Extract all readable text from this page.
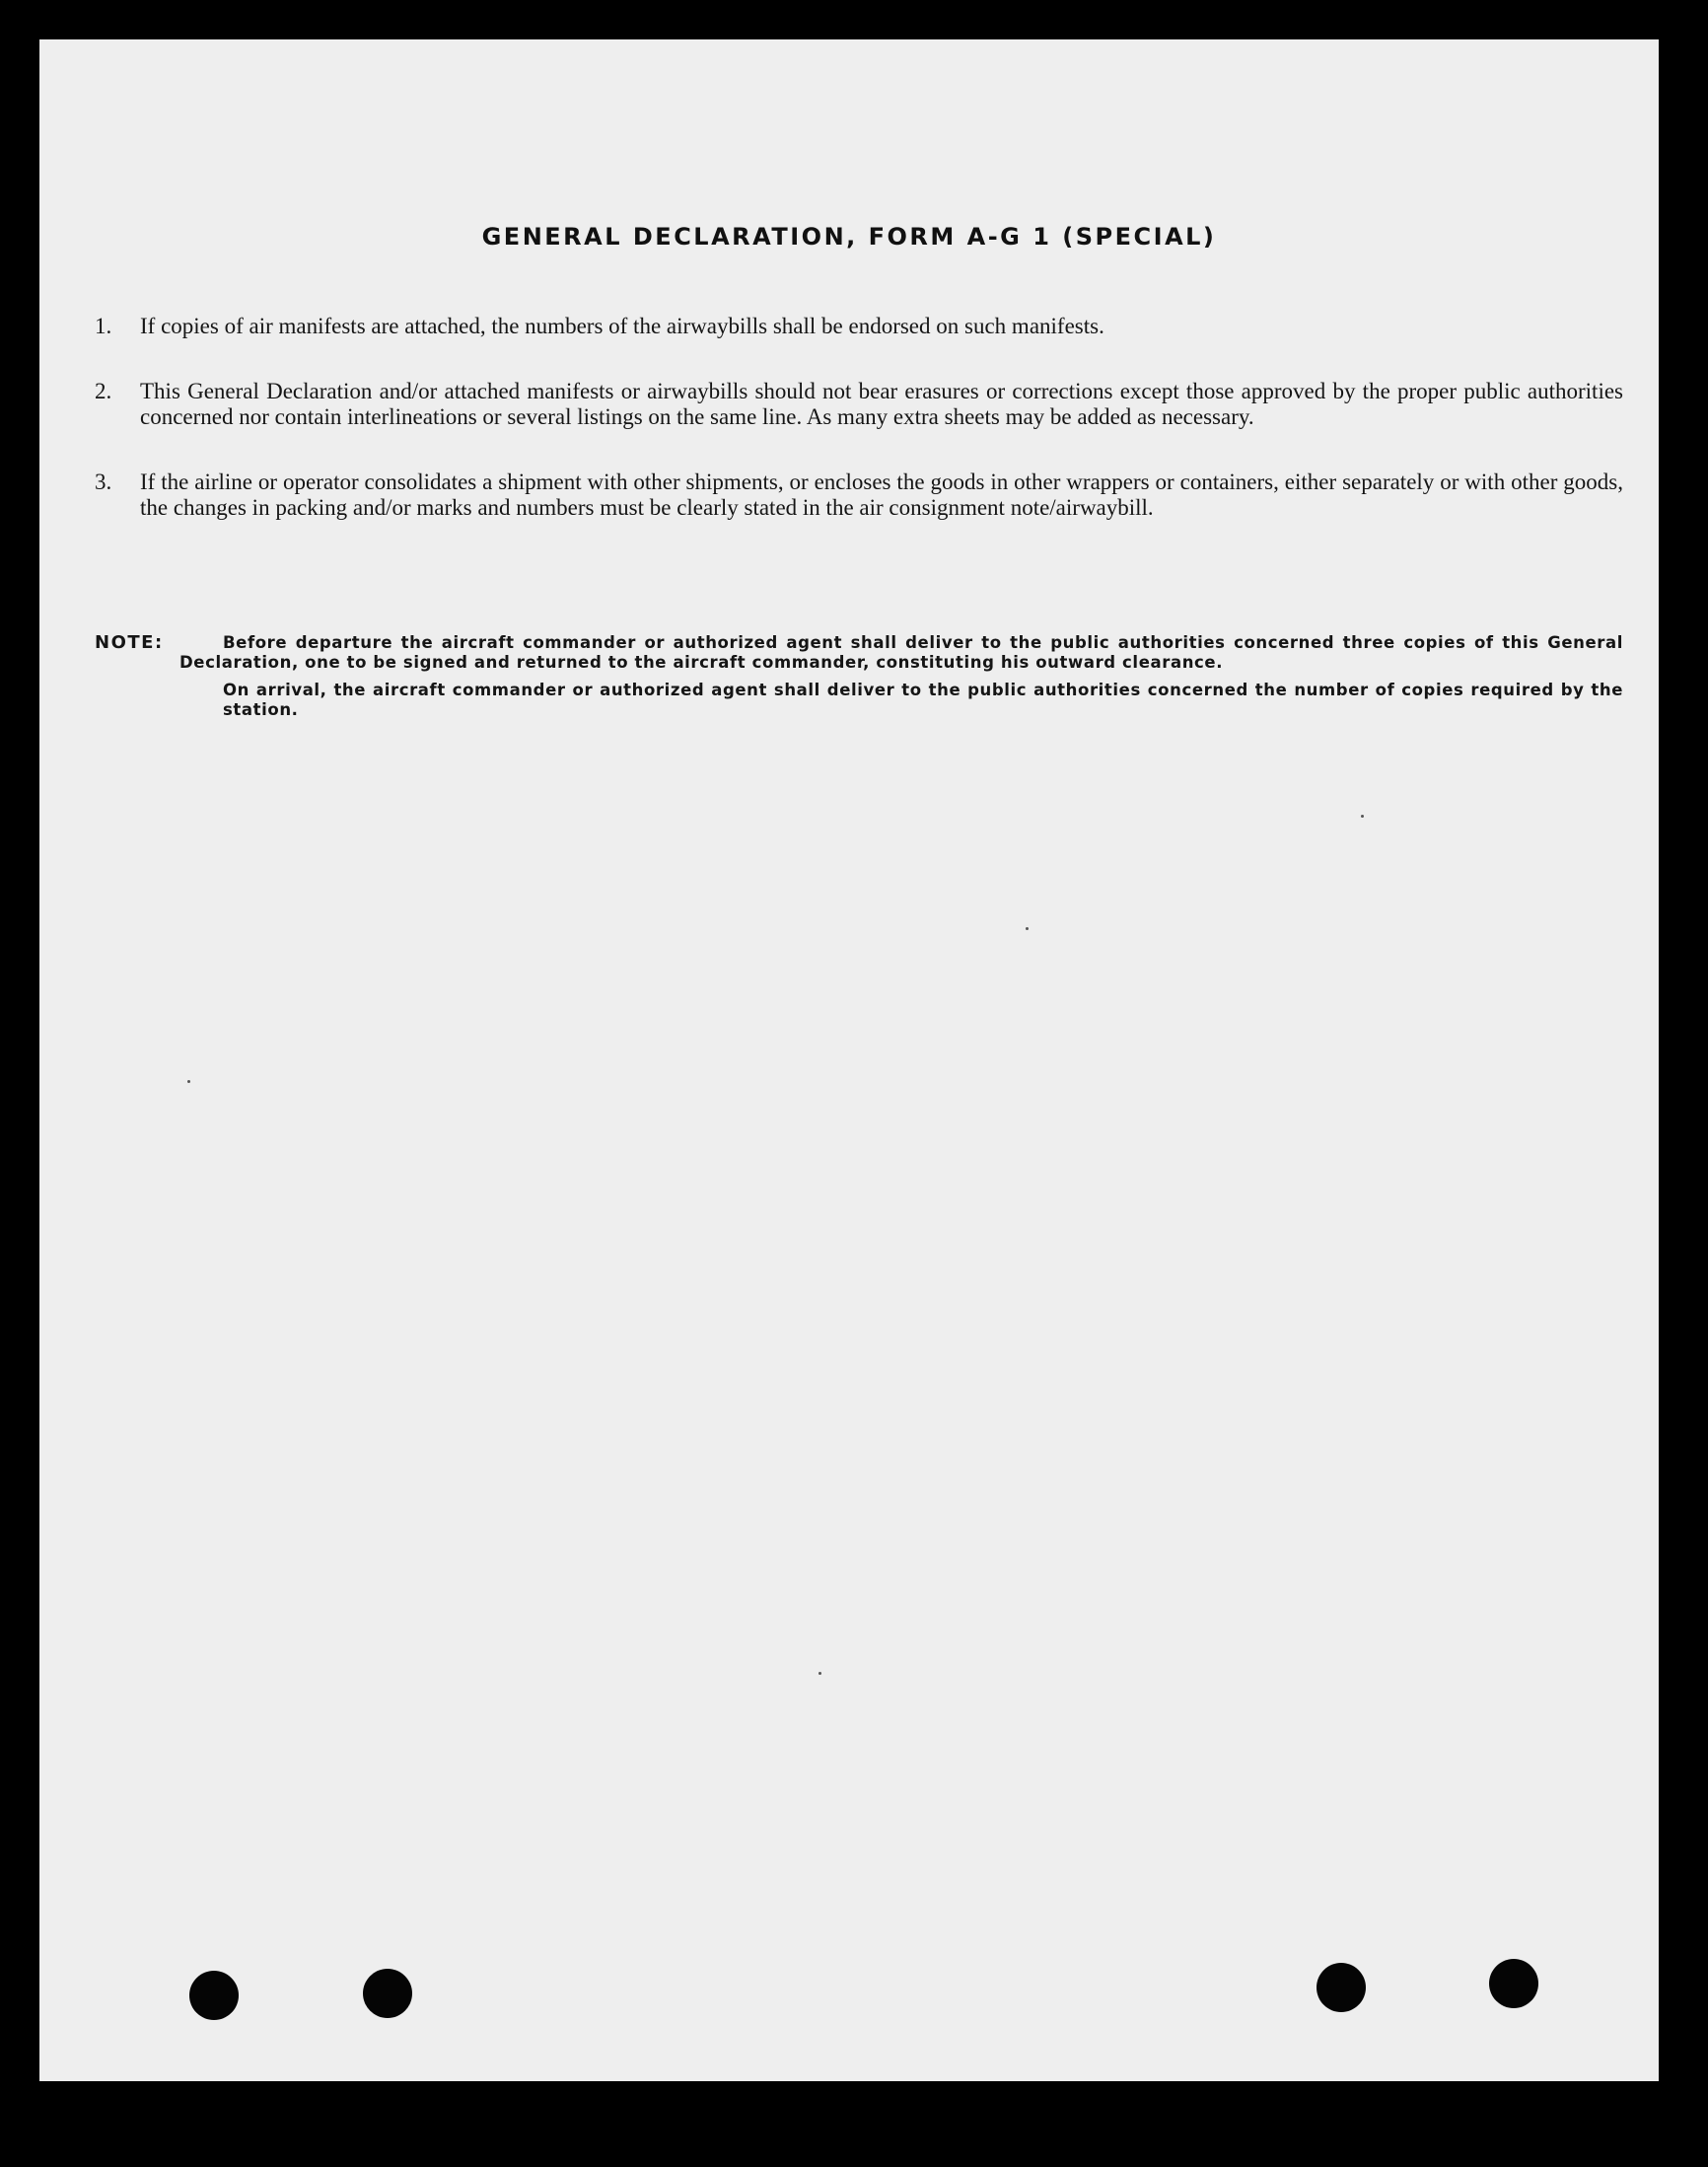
GENERAL DECLARATION, FORM A-G 1 (SPECIAL)
1.	If copies of air manifests are attached, the numbers of the airwaybills shall be endorsed on such manifests.
2.	This General Declaration and/or attached manifests or airwaybills should not bear erasures or corrections except those approved by the proper public authorities concerned nor contain interlineations or several listings on the same line. As many extra sheets may be added as necessary.
3.	If the airline or operator consolidates a shipment with other shipments, or encloses the goods in other wrappers or containers, either separately or with other goods, the changes in packing and/or marks and numbers must be clearly stated in the air consignment note/airwaybill.
NOTE:	Before departure the aircraft commander or authorized agent shall deliver to the public authorities concerned three copies of this General Declaration, one to be signed and returned to the aircraft commander, constituting his outward clearance.

On arrival, the aircraft commander or authorized agent shall deliver to the public authorities concerned the number of copies required by the station.
